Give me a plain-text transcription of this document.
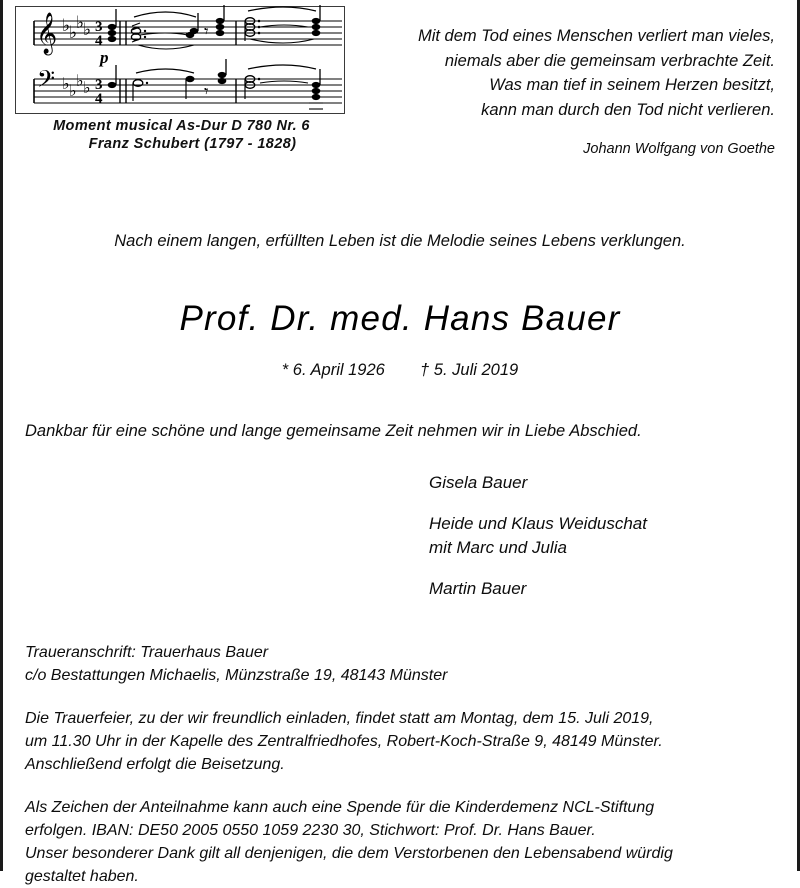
𝄞
𝄢
♭
♭
♭
♭
♭ ♭
♭ ♭
3
4
3
4
p
𝄾
𝄾
Moment musical As-Dur D 780 Nr. 6
Franz Schubert (1797 - 1828)
Mit dem Tod eines Menschen verliert man vieles,
niemals aber die gemeinsam verbrachte Zeit.
Was man tief in seinem Herzen besitzt,
kann man durch den Tod nicht verlieren.
Johann Wolfgang von Goethe
Nach einem langen, erfüllten Leben ist die Melodie seines Lebens verklungen.
Prof. Dr. med. Hans Bauer
* 6. April 1926 † 5. Juli 2019
Dankbar für eine schöne und lange gemeinsame Zeit nehmen wir in Liebe Abschied.
Gisela Bauer
Heide und Klaus Weiduschat
mit Marc und Julia
Martin Bauer
Traueranschrift: Trauerhaus Bauer
c/o Bestattungen Michaelis, Münzstraße 19, 48143 Münster
Die Trauerfeier, zu der wir freundlich einladen, findet statt am Montag, dem 15. Juli 2019,
um 11.30 Uhr in der Kapelle des Zentralfriedhofes, Robert-Koch-Straße 9, 48149 Münster.
Anschließend erfolgt die Beisetzung.
Als Zeichen der Anteilnahme kann auch eine Spende für die Kinderdemenz NCL-Stiftung
erfolgen. IBAN: DE50 2005 0550 1059 2230 30, Stichwort: Prof. Dr. Hans Bauer.
Unser besonderer Dank gilt all denjenigen, die dem Verstorbenen den Lebensabend würdig
gestaltet haben.
